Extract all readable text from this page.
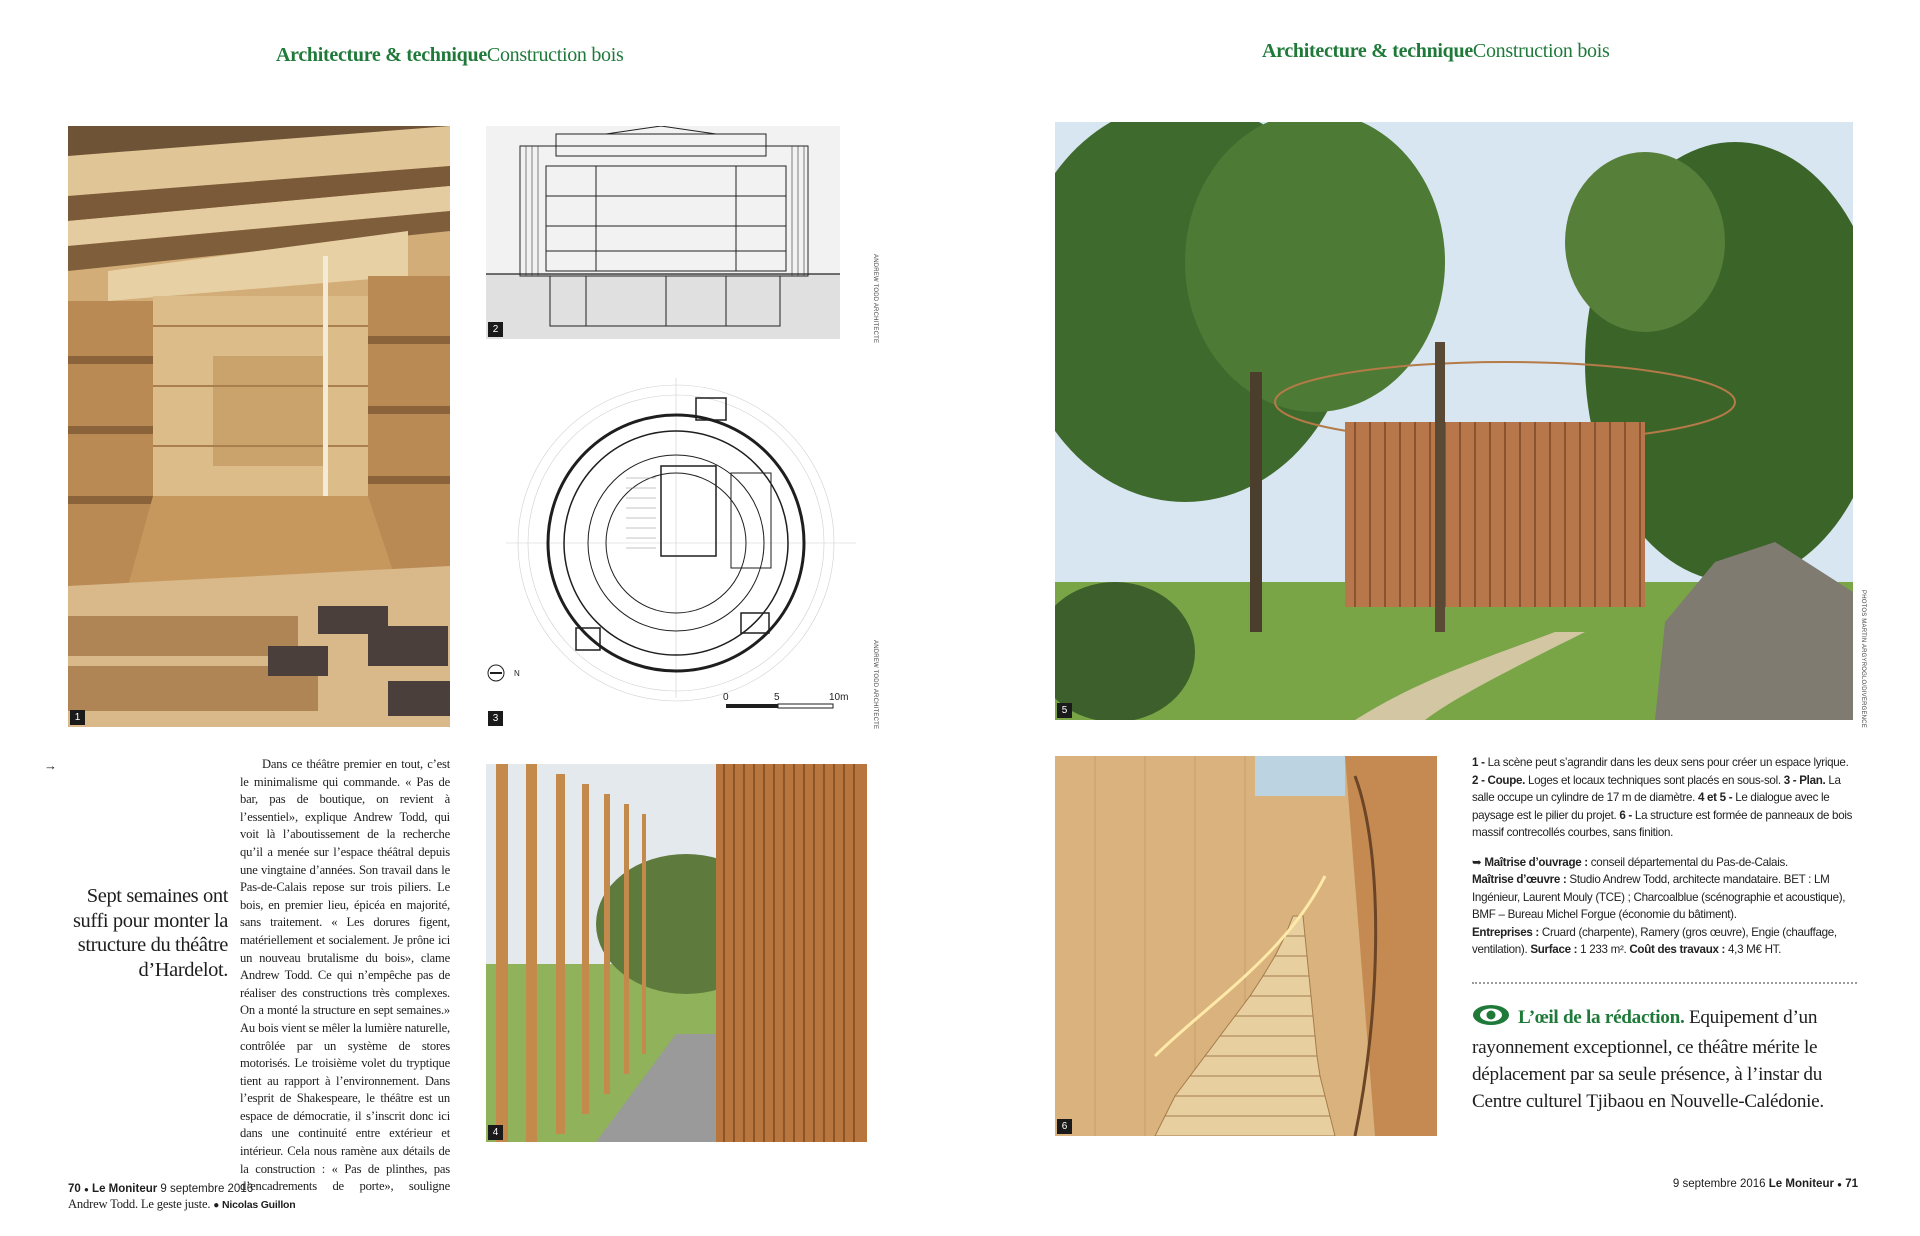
Architecture & techniqueConstruction bois	Architecture & techniqueConstruction bois
1
2	ANDREW TODD ARCHITECTE
N
0	5	10m
3	ANDREW TODD ARCHITECTE
4
5	PHOTOS MARTIN ARGYROGLO/DIVERGENCE
6
→
Sept semaines ont suffi pour monter la structure du théâtre d’Hardelot.

Dans ce théâtre premier en tout, c’est le minimalisme qui commande. « Pas de bar, pas de boutique, on revient à l’essentiel», explique Andrew Todd, qui voit là l’aboutissement de la recherche qu’il a menée sur l’espace théâtral depuis une vingtaine d’années. Son travail dans le Pas-de-Calais repose sur trois piliers. Le bois, en premier lieu, épicéa en majorité, sans traitement. « Les dorures figent, matériellement et socialement. Je prône ici un nouveau brutalisme du bois», clame Andrew Todd. Ce qui n’empêche pas de réaliser des constructions très complexes. On a monté la structure en sept semaines.» Au bois vient se mêler la lumière naturelle, contrôlée par un système de stores motorisés. Le troisième volet du tryptique tient au rapport à l’environnement. Dans l’esprit de Shakespeare, le théâtre est un espace de démocratie, il s’inscrit donc ici dans une continuité entre extérieur et intérieur. Cela nous ramène aux détails de la construction : « Pas de plinthes, pas d’encadrements de porte», souligne Andrew Todd. Le geste juste. ● Nicolas Guillon

1 - La scène peut s’agrandir dans les deux sens pour créer un espace lyrique. 2 - Coupe. Loges et locaux techniques sont placés en sous-sol. 3 - Plan. La salle occupe un cylindre de 17 m de diamètre. 4 et 5 - Le dialogue avec le paysage est le pilier du projet. 6 - La structure est formée de panneaux de bois massif contrecollés courbes, sans finition.

➥ Maîtrise d’ouvrage : conseil départemental du Pas-de-Calais.
Maîtrise d’œuvre : Studio Andrew Todd, architecte mandataire. BET : LM Ingénieur, Laurent Mouly (TCE) ; Charcoalblue (scénographie et acoustique), BMF – Bureau Michel Forgue (économie du bâtiment).
Entreprises : Cruard (charpente), Ramery (gros œuvre), Engie (chauffage, ventilation). Surface : 1 233 m². Coût des travaux : 4,3 M€ HT.

L’œil de la rédaction. Equipement d’un rayonnement exceptionnel, ce théâtre mérite le déplacement par sa seule présence, à l’instar du Centre culturel Tjibaou en Nouvelle-Calédonie.

70 ● Le Moniteur 9 septembre 2016	9 septembre 2016 Le Moniteur ● 71
